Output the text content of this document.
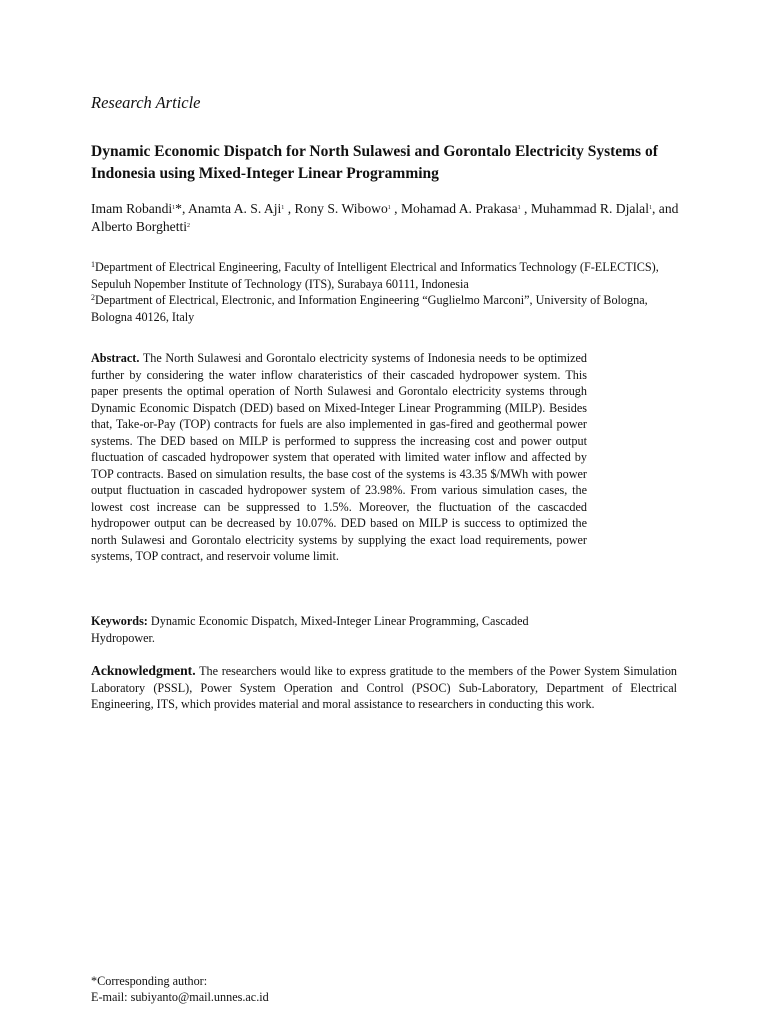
Research Article
Dynamic Economic Dispatch for North Sulawesi and Gorontalo Electricity Systems of Indonesia using Mixed-Integer Linear Programming
Imam Robandi$^1$*, Anamta A. S. Aji$^1$ , Rony S. Wibowo$^1$ , Mohamad A. Prakasa$^1$ , Muhammad R. Djalal$^1$, and Alberto Borghetti$^2$
$^1$Department of Electrical Engineering, Faculty of Intelligent Electrical and Informatics Technology (F-ELECTICS), Sepuluh Nopember Institute of Technology (ITS), Surabaya 60111, Indonesia
$^2$Department of Electrical, Electronic, and Information Engineering “Guglielmo Marconi”, University of Bologna, Bologna 40126, Italy

Abstract. The North Sulawesi and Gorontalo electricity systems of Indonesia needs to be optimized further by considering the water inflow charateristics of their cascaded hydropower system. This paper presents the optimal operation of North Sulawesi and Gorontalo electricity systems through Dynamic Economic Dispatch (DED) based on Mixed-Integer Linear Programming (MILP). Besides that, Take-or-Pay (TOP) contracts for fuels are also implemented in gas-fired and geothermal power systems. The DED based on MILP is performed to suppress the increasing cost and power output fluctuation of cascaded hydropower system that operated with limited water inflow and affected by TOP contracts. Based on simulation results, the base cost of the systems is 43.35 $/MWh with power output fluctuation in cascaded hydropower system of 23.98%. From various simulation cases, the lowest cost increase can be suppressed to 1.5%. Moreover, the fluctuation of the cascacded hydropower output can be decreased by 10.07%. DED based on MILP is success to optimized the north Sulawesi and Gorontalo electricity systems by supplying the exact load requirements, power systems, TOP contract, and reservoir volume limit.

Keywords: Dynamic Economic Dispatch, Mixed-Integer Linear Programming, Cascaded Hydropower.

Acknowledgment. The researchers would like to express gratitude to the members of the Power System Simulation Laboratory (PSSL), Power System Operation and Control (PSOC) Sub-Laboratory, Department of Electrical Engineering, ITS, which provides material and moral assistance to researchers in conducting this work.

*Corresponding author:
E-mail: subiyanto@mail.unnes.ac.id
